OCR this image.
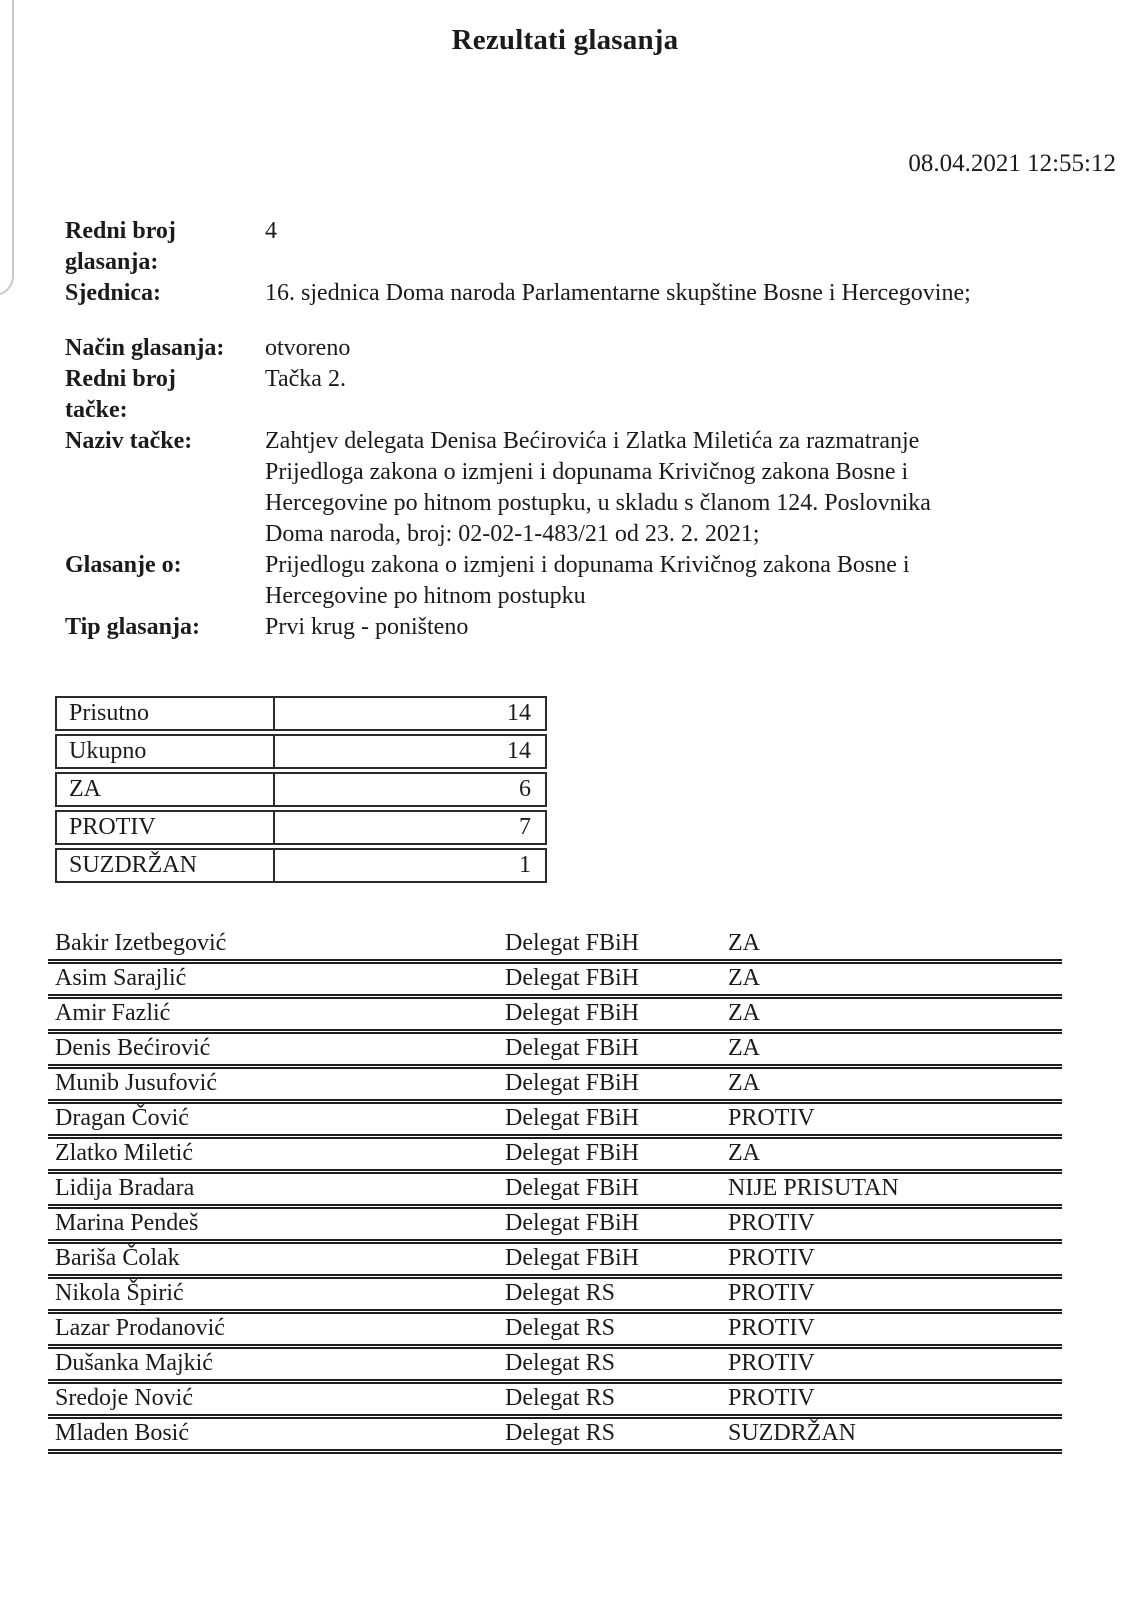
Rezultati glasanja
08.04.2021 12:55:12
Redni broj
glasanja:
4
Sjednica:	16. sjednica Doma naroda Parlamentarne skupštine Bosne i Hercegovine;
Način glasanja:	otvoreno
Redni broj
tačke:
Tačka 2.
Naziv tačke:	Zahtjev delegata Denisa Bećirovića i Zlatka Miletića za razmatranje
Prijedloga zakona o izmjeni i dopunama Krivičnog zakona Bosne i
Hercegovine po hitnom postupku, u skladu s članom 124. Poslovnika
Doma naroda, broj: 02-02-1-483/21 od 23. 2. 2021;
Glasanje o:	Prijedlogu zakona o izmjeni i dopunama Krivičnog zakona Bosne i
Hercegovine po hitnom postupku
Tip glasanja:	Prvi krug - poništeno
Prisutno	14
Ukupno	14
ZA	6
PROTIV	7
SUZDRŽAN	1
Bakir Izetbegović	Delegat FBiH	ZA
Asim Sarajlić	Delegat FBiH	ZA
Amir Fazlić	Delegat FBiH	ZA
Denis Bećirović	Delegat FBiH	ZA
Munib Jusufović	Delegat FBiH	ZA
Dragan Čović	Delegat FBiH	PROTIV
Zlatko Miletić	Delegat FBiH	ZA
Lidija Bradara	Delegat FBiH	NIJE PRISUTAN
Marina Pendeš	Delegat FBiH	PROTIV
Bariša Čolak	Delegat FBiH	PROTIV
Nikola Špirić	Delegat RS	PROTIV
Lazar Prodanović	Delegat RS	PROTIV
Dušanka Majkić	Delegat RS	PROTIV
Sredoje Nović	Delegat RS	PROTIV
Mladen Bosić	Delegat RS	SUZDRŽAN
